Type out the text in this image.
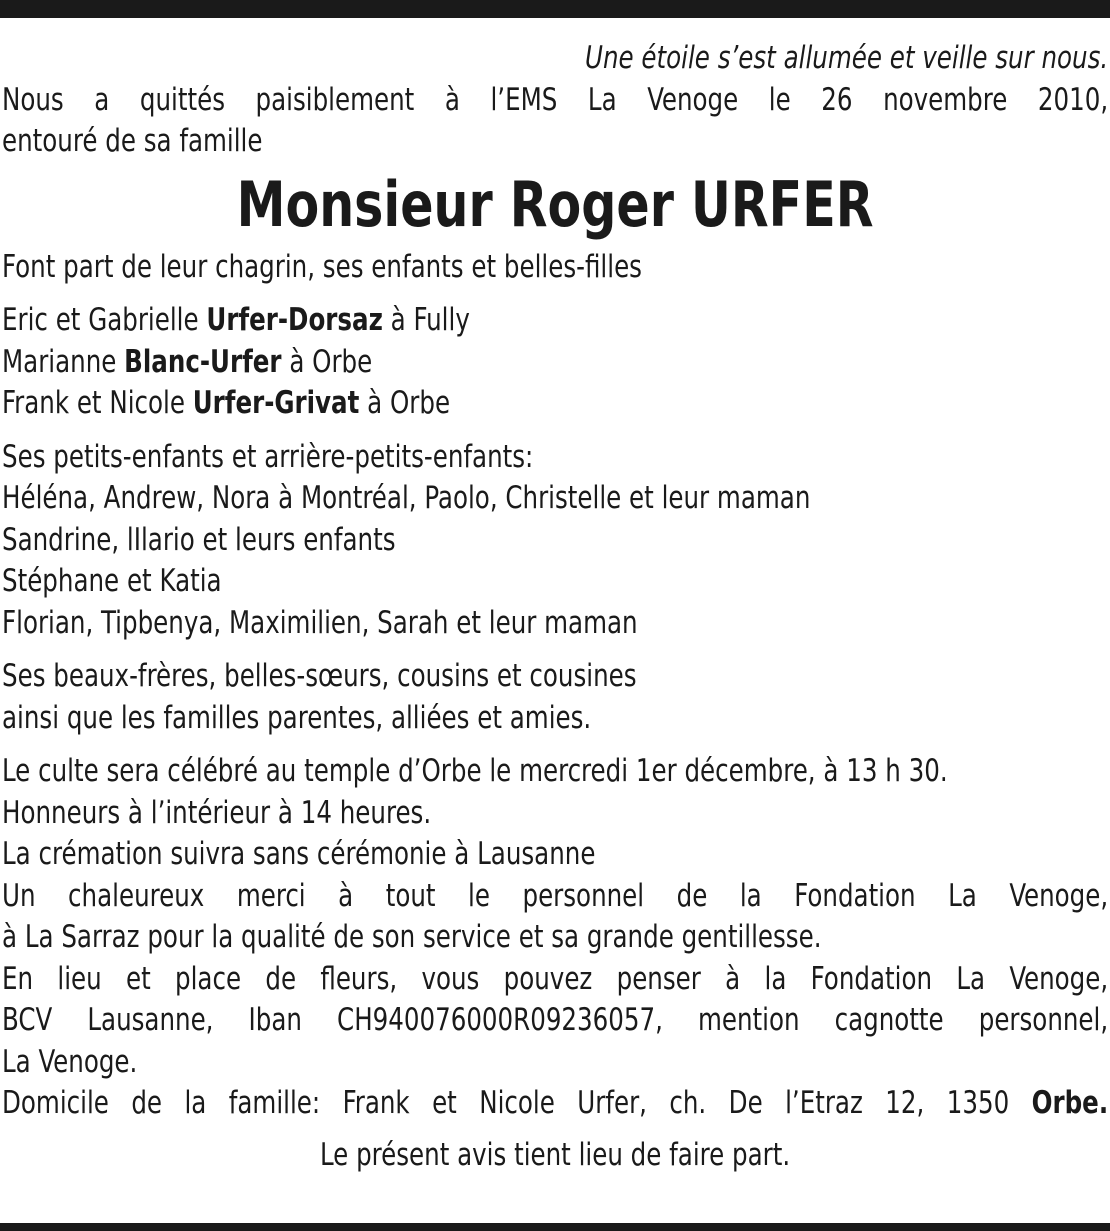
Une étoile s’est allumée et veille sur nous.
Nous a quittés paisiblement à l’EMS La Venoge le 26 novembre 2010,
entouré de sa famille
Monsieur Roger URFER
Font part de leur chagrin, ses enfants et belles-filles
Eric et Gabrielle Urfer-Dorsaz à Fully
Marianne Blanc-Urfer à Orbe
Frank et Nicole Urfer-Grivat à Orbe
Ses petits-enfants et arrière-petits-enfants:
Héléna, Andrew, Nora à Montréal, Paolo, Christelle et leur maman
Sandrine, lIlario et leurs enfants
Stéphane et Katia
Florian, Tipbenya, Maximilien, Sarah et leur maman
Ses beaux-frères, belles-sœurs, cousins et cousines
ainsi que les familles parentes, alliées et amies.
Le culte sera célébré au temple d’Orbe le mercredi 1er décembre, à 13 h 30.
Honneurs à l’intérieur à 14 heures.
La crémation suivra sans cérémonie à Lausanne
Un chaleureux merci à tout le personnel de la Fondation La Venoge,
à La Sarraz pour la qualité de son service et sa grande gentillesse.
En lieu et place de fleurs, vous pouvez penser à la Fondation La Venoge,
BCV Lausanne, Iban CH940076000R09236057, mention cagnotte personnel,
La Venoge.
Domicile de la famille: Frank et Nicole Urfer, ch. De l’Etraz 12, 1350 Orbe.
Le présent avis tient lieu de faire part.
